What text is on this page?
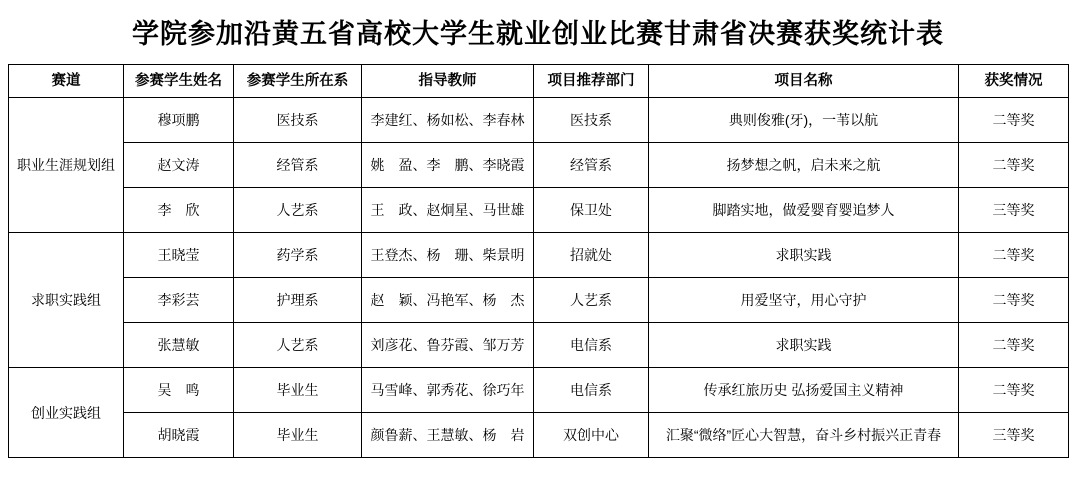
学院参加沿黄五省高校大学生就业创业比赛甘肃省决赛获奖统计表
赛道	参赛学生姓名	参赛学生所在系	指导教师	项目推荐部门	项目名称	获奖情况
职业生涯规划组	穆项鹏	医技系	李建红、杨如松、李春林	医技系	典则俊雅(牙)，一苇以航	二等奖
	赵文涛	经管系	姚　盈、李　鹏、李晓霞	经管系	扬梦想之帆，启未来之航	二等奖
	李　欣	人艺系	王　政、赵炯星、马世雄	保卫处	脚踏实地，做爱婴育婴追梦人	三等奖
求职实践组	王晓莹	药学系	王登杰、杨　珊、柴景明	招就处	求职实践	二等奖
	李彩芸	护理系	赵　颖、冯艳军、杨　杰	人艺系	用爱坚守，用心守护	二等奖
	张慧敏	人艺系	刘彦花、鲁芬霞、邹万芳	电信系	求职实践	二等奖
创业实践组	吴　鸣	毕业生	马雪峰、郭秀花、徐巧年	电信系	传承红旅历史 弘扬爱国主义精神	二等奖
	胡晓霞	毕业生	颜鲁薪、王慧敏、杨　岩	双创中心	汇聚“微络”匠心大智慧，奋斗乡村振兴正青春	三等奖
